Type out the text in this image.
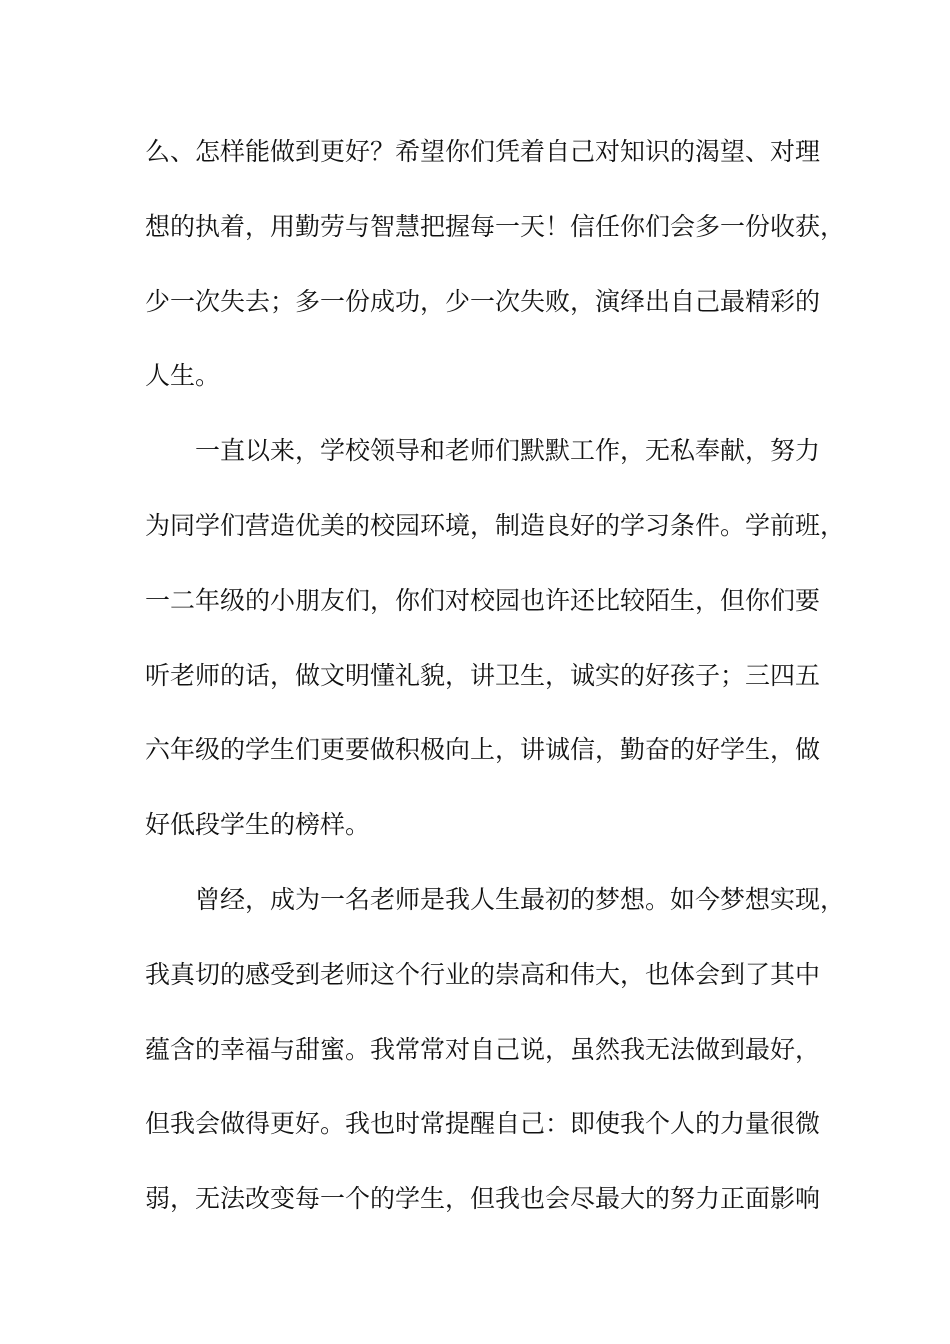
么、怎样能做到更好？希望你们凭着自己对知识的渴望、对理
想的执着，用勤劳与智慧把握每一天！信任你们会多一份收获，
少一次失去；多一份成功，少一次失败，演绎出自己最精彩的
人生。
一直以来，学校领导和老师们默默工作，无私奉献，努力
为同学们营造优美的校园环境，制造良好的学习条件。学前班，
一二年级的小朋友们，你们对校园也许还比较陌生，但你们要
听老师的话，做文明懂礼貌，讲卫生，诚实的好孩子；三四五
六年级的学生们更要做积极向上，讲诚信，勤奋的好学生，做
好低段学生的榜样。
曾经，成为一名老师是我人生最初的梦想。如今梦想实现，
我真切的感受到老师这个行业的崇高和伟大，也体会到了其中
蕴含的幸福与甜蜜。我常常对自己说，虽然我无法做到最好，
但我会做得更好。我也时常提醒自己：即使我个人的力量很微
弱，无法改变每一个的学生，但我也会尽最大的努力正面影响
